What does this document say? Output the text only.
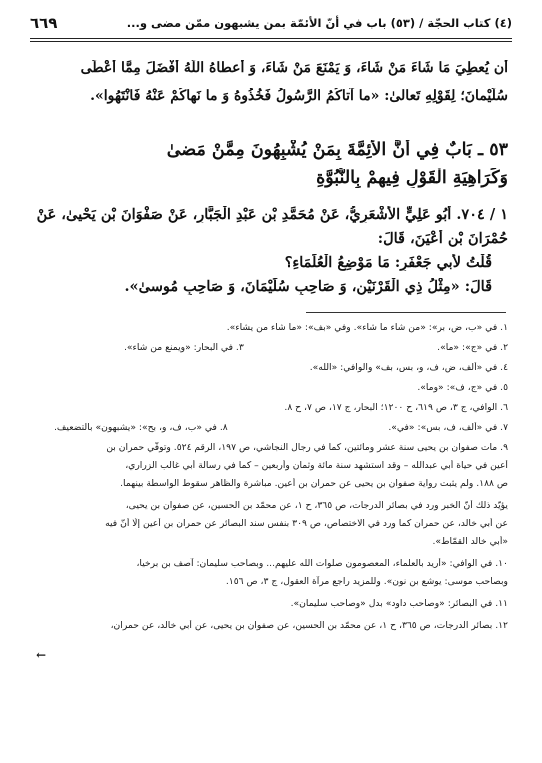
(٤) كتاب الحجّة / (٥٣) باب في أنّ الأئمّة بمن يشبهون ممّن مضى و...
٦٦٩
أن يُعطِيَ مَا شَاءَ مَنْ شَاءَ، وَ يَمْنَعَ مَنْ شَاءَ، وَ أعطاهُ اللّهُ أفْضَلَ مِمَّا أعْطَى
سُلَيْمانَ؛ لِقَوْلِهِ تَعالىٰ: «ما آتاكُمُ الرَّسُولُ فَخُذُوهُ وَ ما نَهاكُمْ عَنْهُ فَانْتَهُوا».
٥٣ ـ بَابٌ فِي أنَّ الأَئِمَّةَ بِمَنْ يُشْبِهُونَ مِمَّنْ مَضىٰ
وَكَرَاهِيَةِ الْقَوْلِ فِيهِمْ بِالنُّبُوَّةِ
١ / ٧٠٤. أبُو عَلِيٍّ الأشْعَرِيُّ، عَنْ مُحَمَّدِ بْنِ عَبْدِ الْجَبَّارِ، عَنْ صَفْوَانَ بْنِ يَحْيىٰ، عَنْ
حُمْرَانَ بْنِ أعْيَنَ، قَالَ:
قُلْتُ لأبي جَعْفَرٍ: مَا مَوْضِعُ الْعُلَمَاءِ؟
قَالَ: «مِثْلُ ذِي الْقَرْنَيْنِ، وَ صَاحِبِ سُلَيْمَانَ، وَ صَاحِبِ مُوسىٰ».
١. في «ب، ض، بر»: «من شاء ما شاء». وفي «بف»: «ما شاء من يشاء».
٢. في «ج»: «ما».
٣. في البحار: «ويمنع من شاء».
٤. في «ألف، ض، ف، و، بس، بف» والوافي: «الله».
٥. في «ج، ف»: «وما».
٦. الوافي، ج ٣، ص ٦١٩، ح ١٢٠٠؛ البحار، ج ١٧، ص ٧، ح ٨.
٧. في «ألف، ف، بس»: «في».
٨. في «ب، ف، و، بح»: «يشبهون» بالتضعيف.
٩. مات صفوان بن يحيى سنة عشر ومائتين، كما في رجال النجاشي، ص ١٩٧، الرقم ٥٢٤. وتوفّي حمران بن
أعين في حياة أبي عبدالله – وقد استشهد سنة مائة وثمان وأربعين – كما في رسالة أبي غالب الزراري،
ص ١٨٨. ولم يثبت رواية صفوان بن يحيى عن حمران بن أعين. مباشرة والظاهر سقوط الواسطة بينهما.
يؤيّد ذلك أنّ الخبر ورد في بصائر الدرجات، ص ٣٦٥، ح ١، عن محمّد بن الحسين، عن صفوان بن يحيى،
عن أبي خالد، عن حمران كما ورد في الاختصاص، ص ٣٠٩ بنفس سند البصائر عن حمران بن أعين إلّا أنّ فيه
«أبي خالد القمّاط».
١٠. في الوافي: «أريد بالعلماء، المعصومون صلوات الله عليهم... وبصاحب سليمان: آصف بن برخيا،
وبصاحب موسى: يوشع بن نون». وللمزيد راجع مرآة العقول، ج ٣، ص ١٥٦.
١١. في البصائر: «وصاحب داود» بدل «وصاحب سليمان».
١٢. بصائر الدرجات، ص ٣٦٥، ح ١، عن محمّد بن الحسين، عن صفوان بن يحيى، عن أبي خالد، عن حمران،
←
